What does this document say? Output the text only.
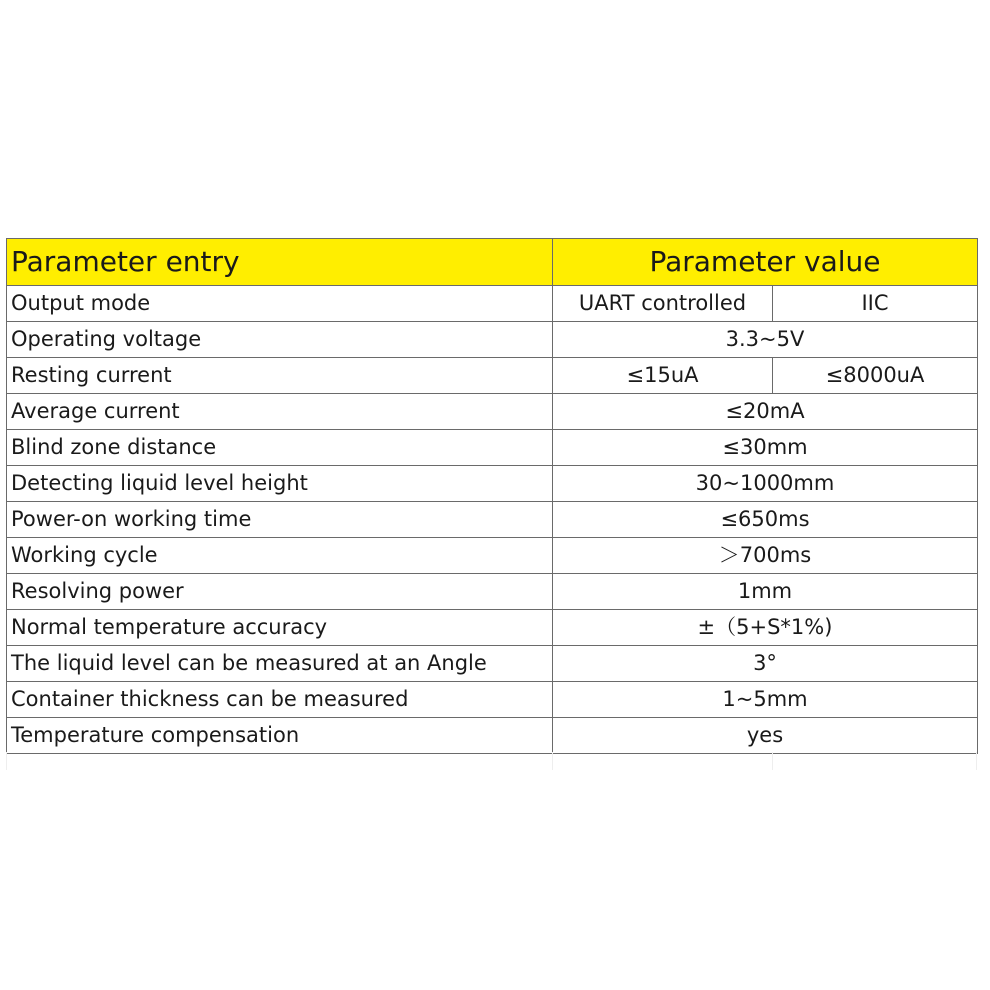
Parameter entry	Parameter value	
Output mode	UART controlled	IIC
Operating voltage	3.3~5V	
Resting current	≤15uA	≤8000uA
Average current	≤20mA	
Blind zone distance	≤30mm	
Detecting liquid level height	30~1000mm	
Power-on working time	≤650ms	
Working cycle	＞700ms	
Resolving power	1mm	
Normal temperature accuracy	±（5+S*1%)	
The liquid level can be measured at an Angle	3°	
Container thickness can be measured	1~5mm	
Temperature compensation	yes	
